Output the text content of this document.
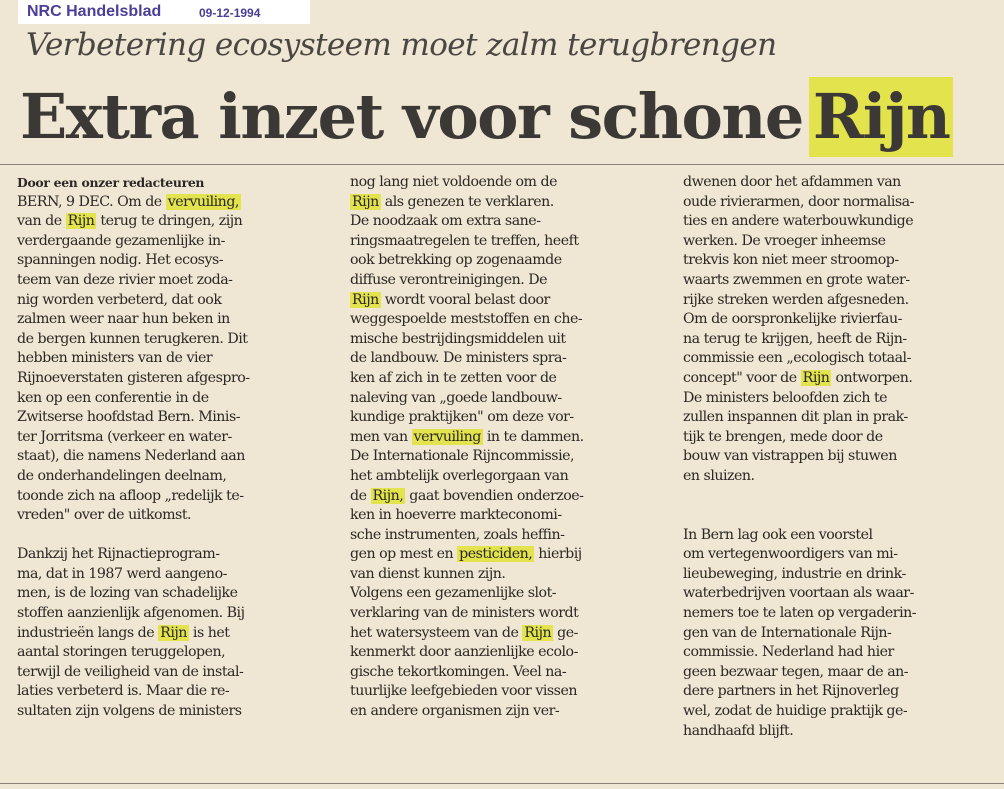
NRC Handelsblad	09-12-1994
Verbetering ecosysteem moet zalm terugbrengen
Extra inzet voor schone Rijn
Door een onzer redacteuren
BERN, 9 DEC. Om de vervuiling,
van de Rijn terug te dringen, zijn
verdergaande gezamenlijke in-
spanningen nodig. Het ecosys-
teem van deze rivier moet zoda-
nig worden verbeterd, dat ook
zalmen weer naar hun beken in
de bergen kunnen terugkeren. Dit
hebben ministers van de vier
Rijnoeverstaten gisteren afgespro-
ken op een conferentie in de
Zwitserse hoofdstad Bern. Minis-
ter Jorritsma (verkeer en water-
staat), die namens Nederland aan
de onderhandelingen deelnam,
toonde zich na afloop „redelijk te-
vreden" over de uitkomst.
Dankzij het Rijnactieprogram-
ma, dat in 1987 werd aangeno-
men, is de lozing van schadelijke
stoffen aanzienlijk afgenomen. Bij
industrieën langs de Rijn is het
aantal storingen teruggelopen,
terwijl de veiligheid van de instal-
laties verbeterd is. Maar die re-
sultaten zijn volgens de ministers
nog lang niet voldoende om de
Rijn als genezen te verklaren.
De noodzaak om extra sane-
ringsmaatregelen te treffen, heeft
ook betrekking op zogenaamde
diffuse verontreinigingen. De
Rijn wordt vooral belast door
weggespoelde meststoffen en che-
mische bestrijdingsmiddelen uit
de landbouw. De ministers spra-
ken af zich in te zetten voor de
naleving van „goede landbouw-
kundige praktijken" om deze vor-
men van vervuiling in te dammen.
De Internationale Rijncommissie,
het ambtelijk overlegorgaan van
de Rijn, gaat bovendien onderzoe-
ken in hoeverre markteconomi-
sche instrumenten, zoals heffin-
gen op mest en pesticiden, hierbij
van dienst kunnen zijn.
Volgens een gezamenlijke slot-
verklaring van de ministers wordt
het watersysteem van de Rijn ge-
kenmerkt door aanzienlijke ecolo-
gische tekortkomingen. Veel na-
tuurlijke leefgebieden voor vissen
en andere organismen zijn ver-
dwenen door het afdammen van
oude rivierarmen, door normalisa-
ties en andere waterbouwkundige
werken. De vroeger inheemse
trekvis kon niet meer stroomop-
waarts zwemmen en grote water-
rijke streken werden afgesneden.
Om de oorspronkelijke rivierfau-
na terug te krijgen, heeft de Rijn-
commissie een „ecologisch totaal-
concept" voor de Rijn ontworpen.
De ministers beloofden zich te
zullen inspannen dit plan in prak-
tijk te brengen, mede door de
bouw van vistrappen bij stuwen
en sluizen.
In Bern lag ook een voorstel
om vertegenwoordigers van mi-
lieubeweging, industrie en drink-
waterbedrijven voortaan als waar-
nemers toe te laten op vergaderin-
gen van de Internationale Rijn-
commissie. Nederland had hier
geen bezwaar tegen, maar de an-
dere partners in het Rijnoverleg
wel, zodat de huidige praktijk ge-
handhaafd blijft.
